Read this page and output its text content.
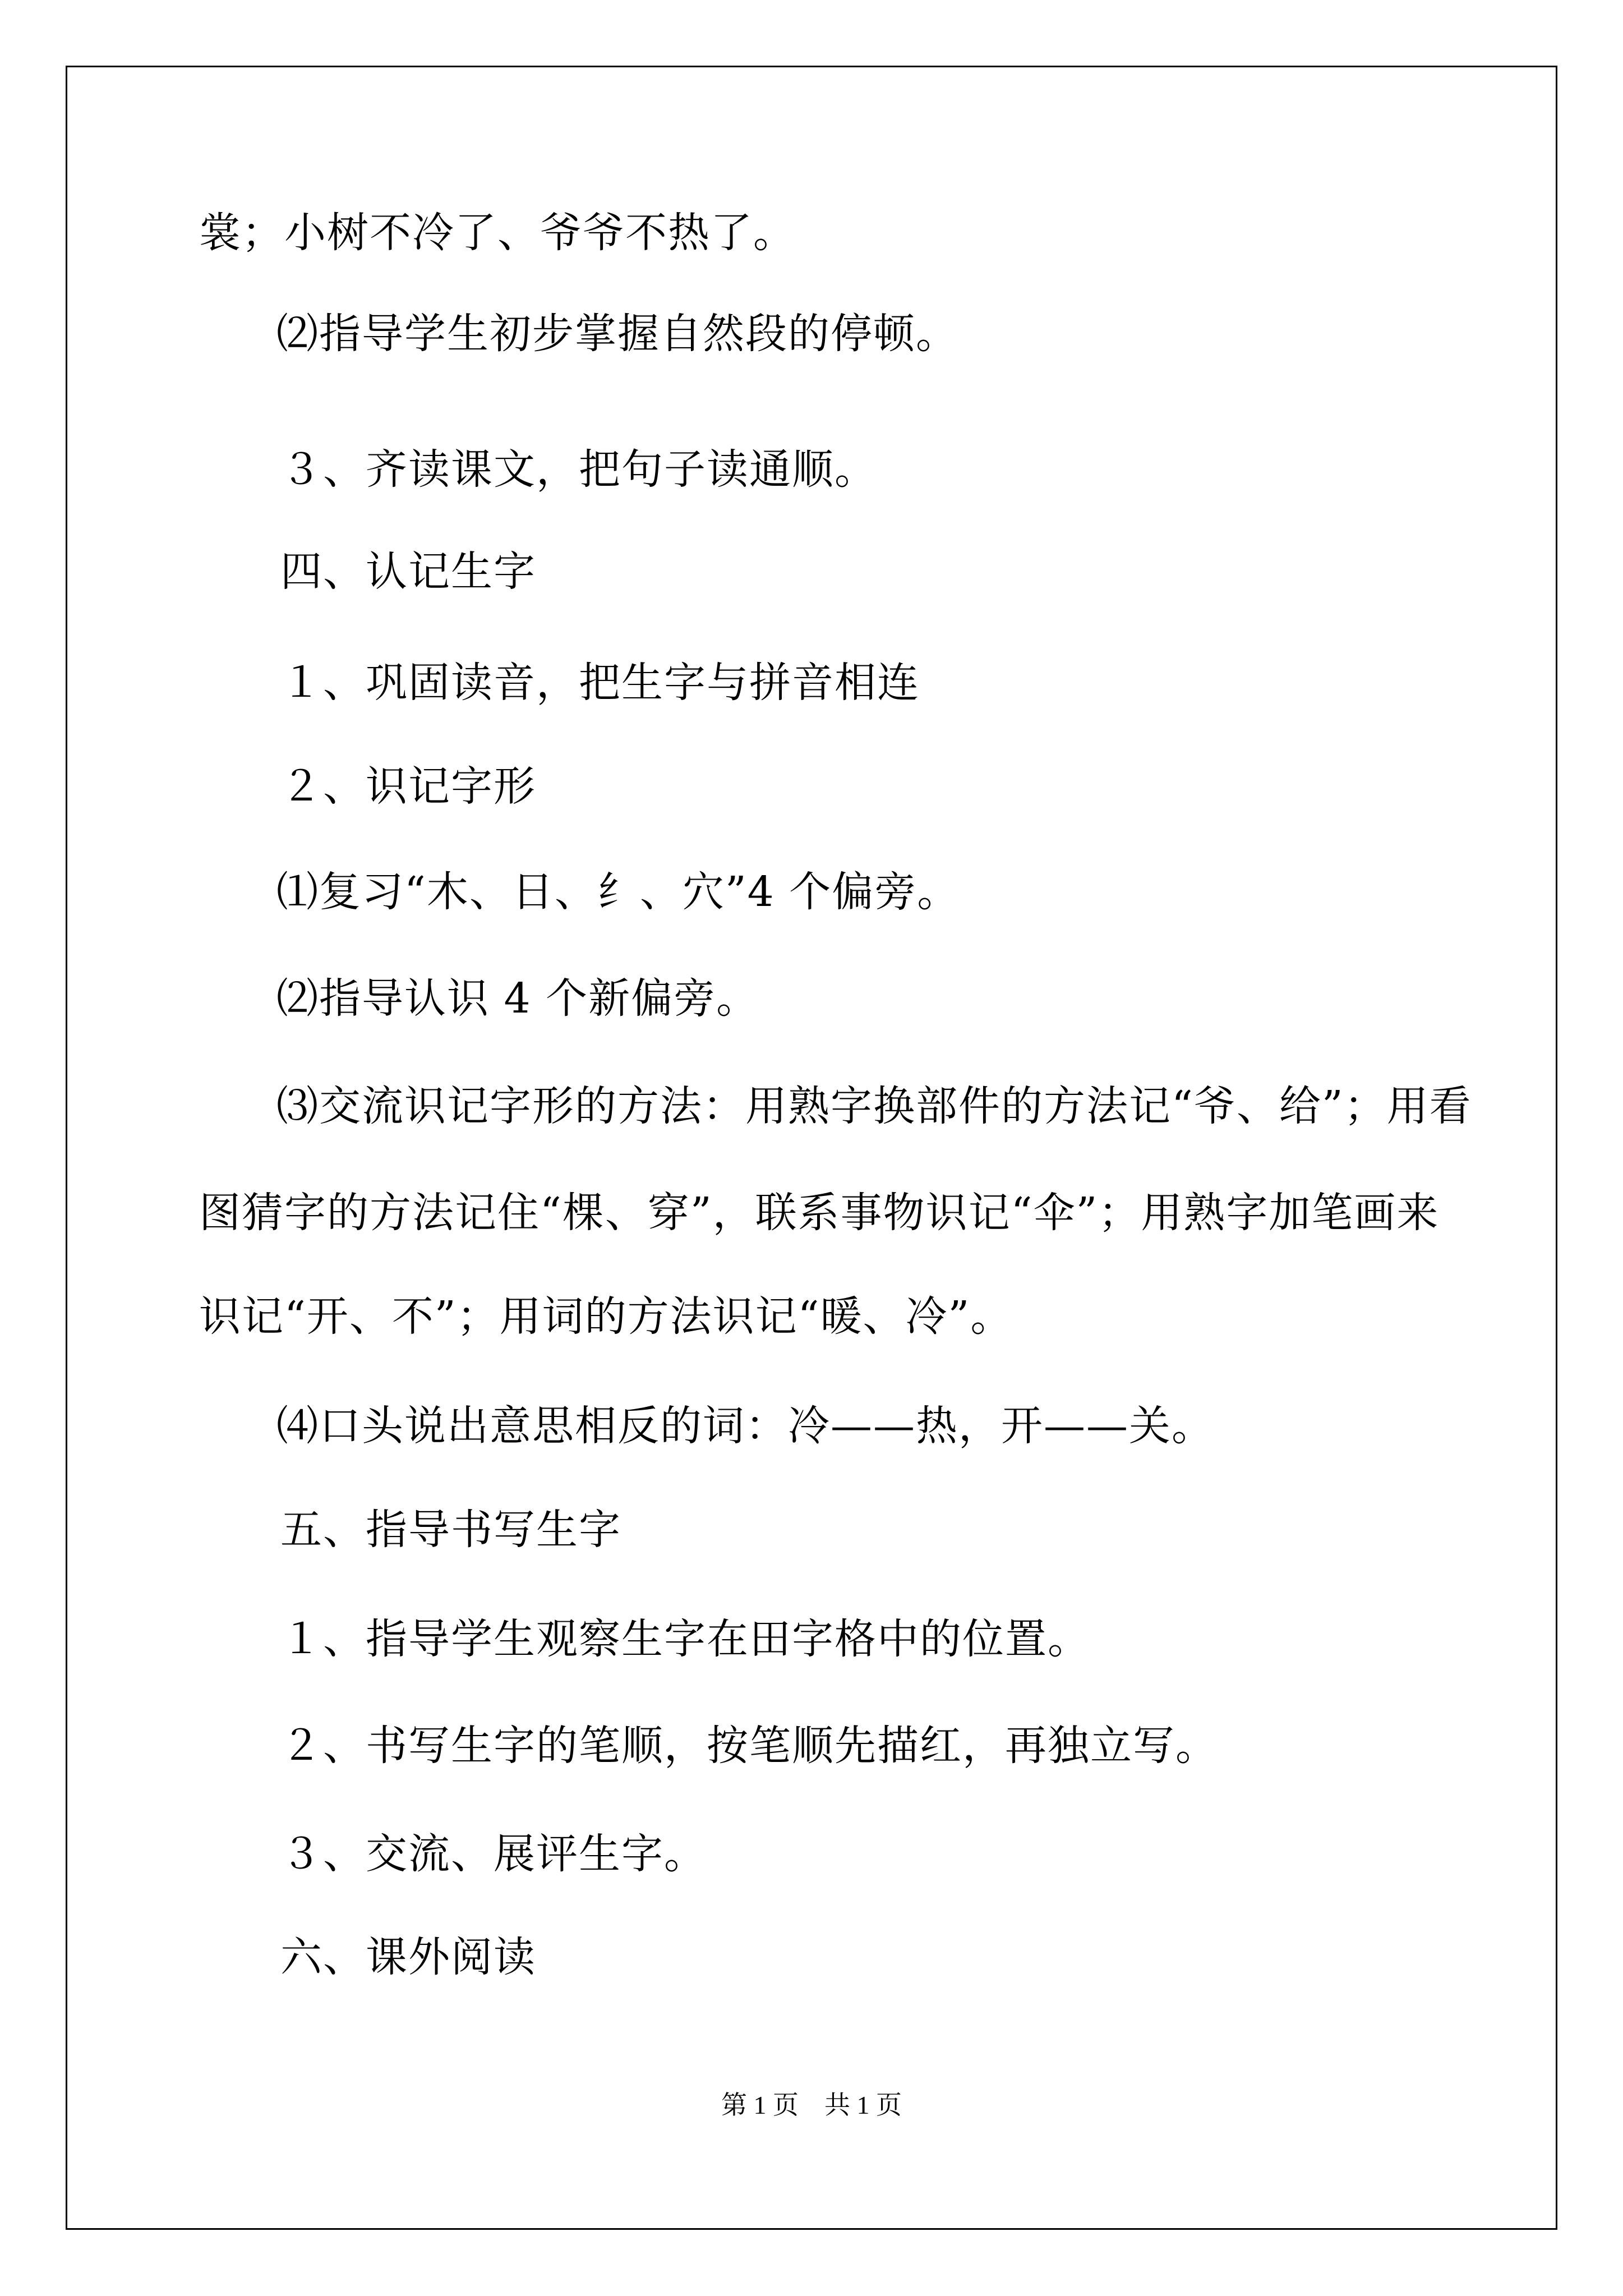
裳；小树不冷了、爷爷不热了。
⑵指导学生初步掌握自然段的停顿。
３、齐读课文，把句子读通顺。
四、认记生字
１、巩固读音，把生字与拼音相连
２、识记字形
⑴复习“木、日、纟、穴”4 个偏旁。
⑵指导认识 4 个新偏旁。
⑶交流识记字形的方法：用熟字换部件的方法记“爷、给”；用看
图猜字的方法记住“棵、穿”，联系事物识记“伞”；用熟字加笔画来
识记“开、不”；用词的方法识记“暖、冷”。
⑷口头说出意思相反的词：冷——热，开——关。
五、指导书写生字
１、指导学生观察生字在田字格中的位置。
２、书写生字的笔顺，按笔顺先描红，再独立写。
３、交流、展评生字。
六、课外阅读
第 1 页　共 1 页
